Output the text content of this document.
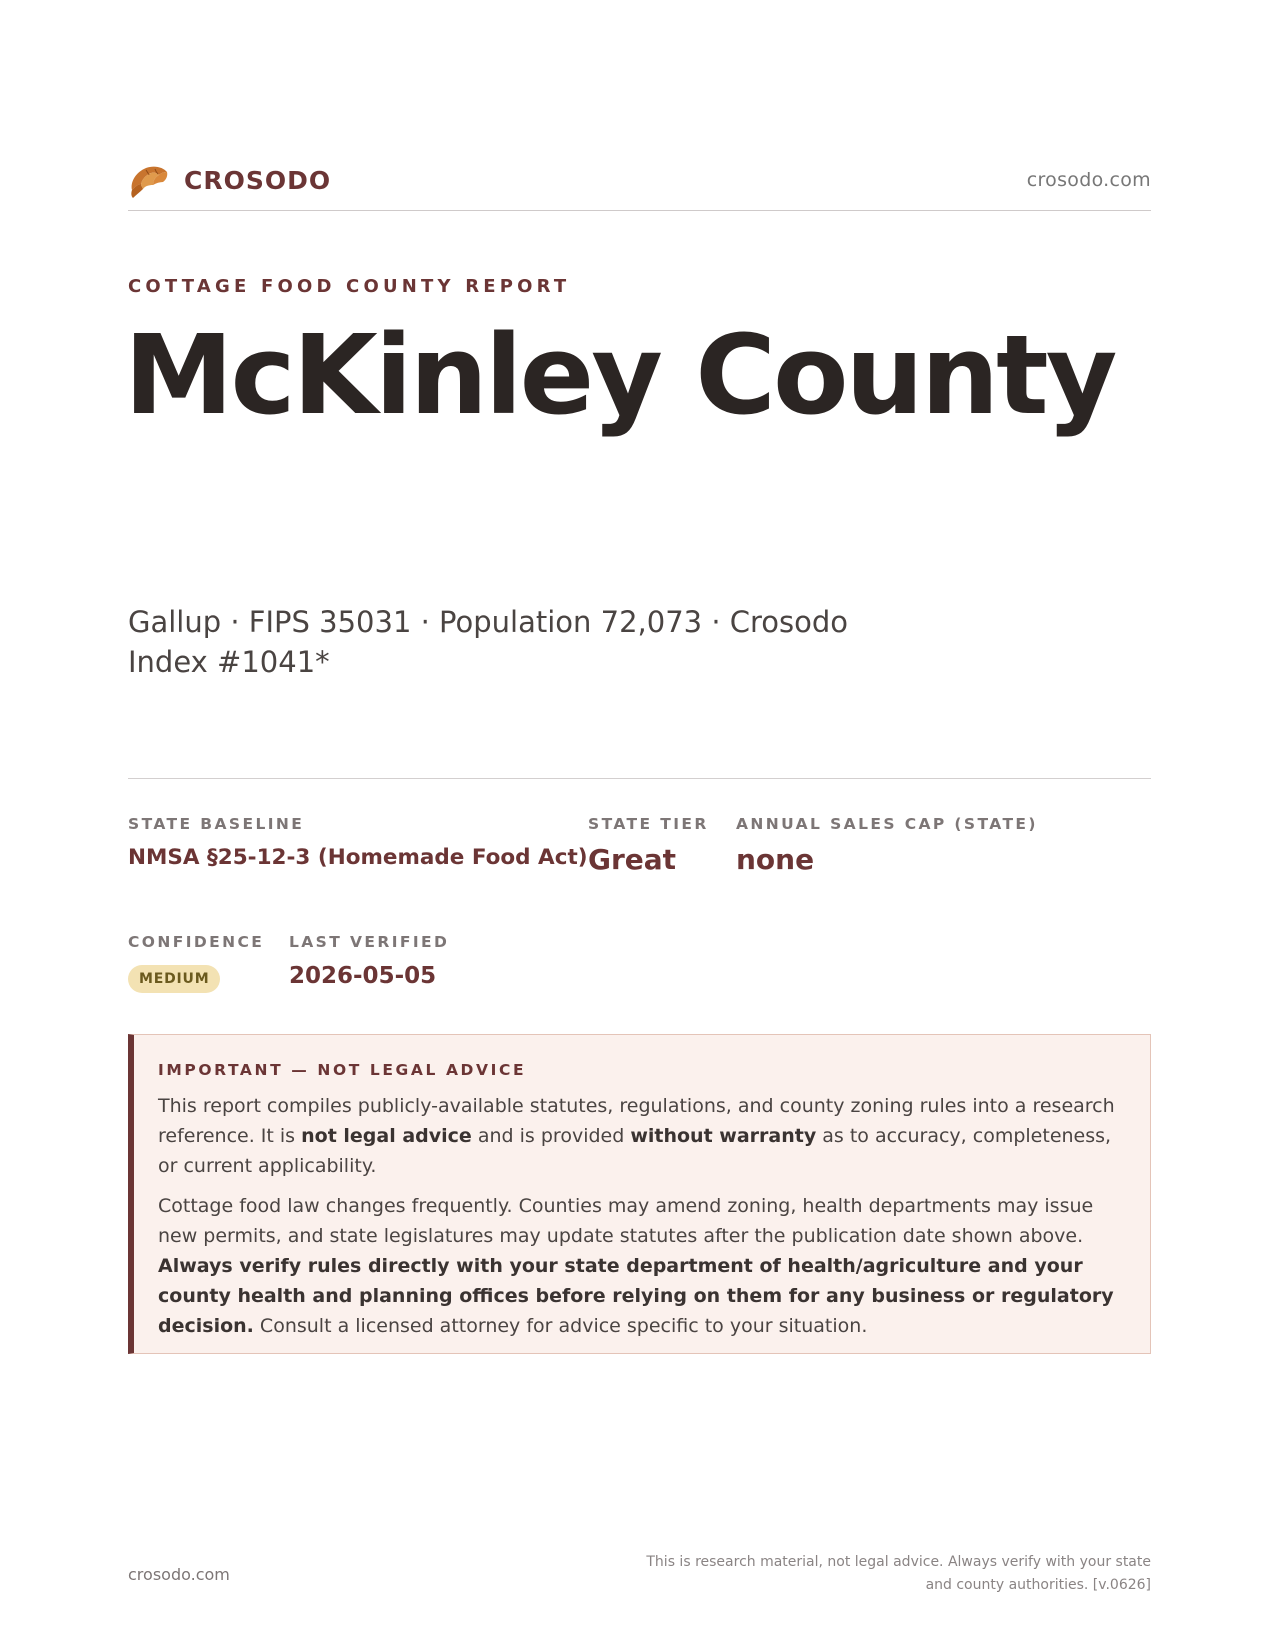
CROSODO	crosodo.com
COTTAGE FOOD COUNTY REPORT
McKinley County
Gallup · FIPS 35031 · Population 72,073 · Crosodo Index #1041*
STATE BASELINE
NMSA §25-12-3 (Homemade Food Act)
STATE TIER
Great
ANNUAL SALES CAP (STATE)
none
CONFIDENCE
MEDIUM
LAST VERIFIED
2026-05-05
IMPORTANT — NOT LEGAL ADVICE

This report compiles publicly-available statutes, regulations, and county zoning rules into a research reference. It is not legal advice and is provided without warranty as to accuracy, completeness, or current applicability.

Cottage food law changes frequently. Counties may amend zoning, health departments may issue new permits, and state legislatures may update statutes after the publication date shown above. Always verify rules directly with your state department of health/agriculture and your county health and planning offices before relying on them for any business or regulatory decision. Consult a licensed attorney for advice specific to your situation.

crosodo.com
This is research material, not legal advice. Always verify with your state and county authorities. [v.0626]
